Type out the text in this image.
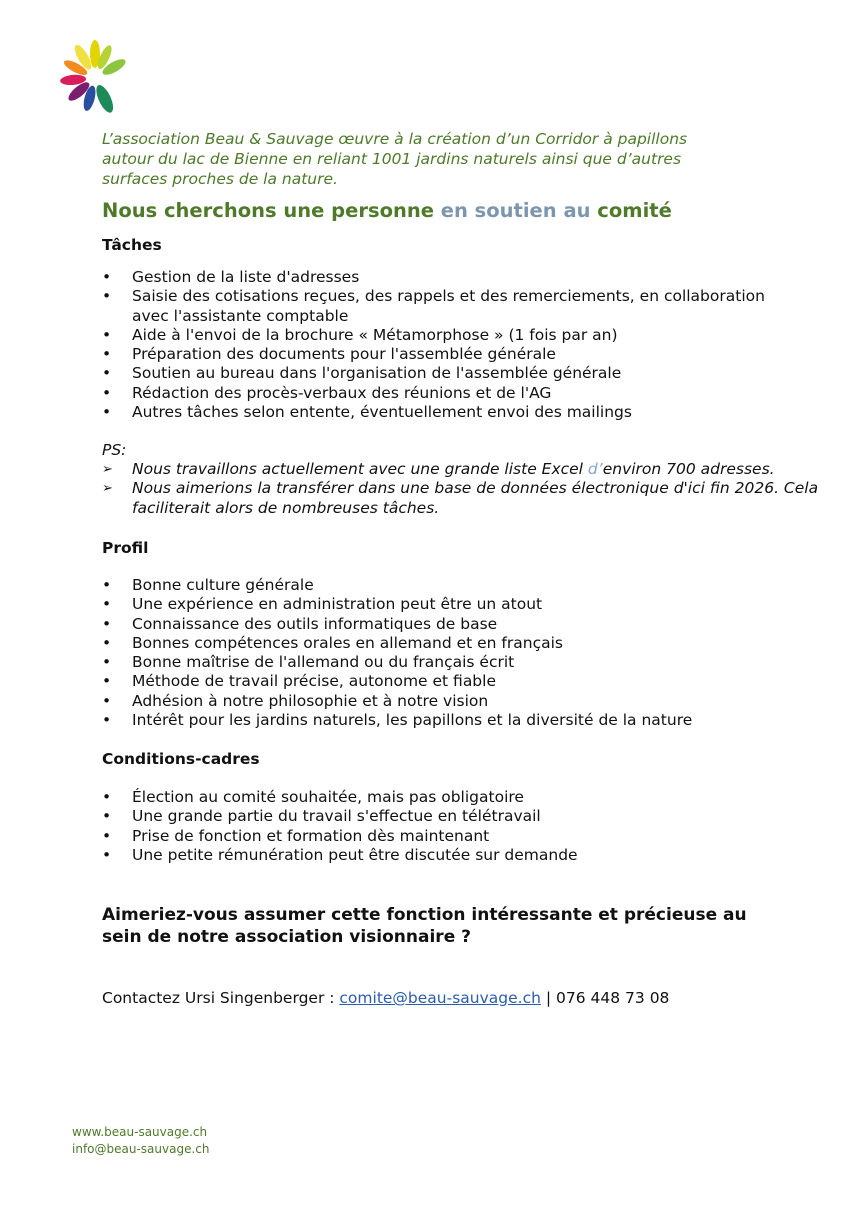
L’association Beau & Sauvage œuvre à la création d’un Corridor à papillons
autour du lac de Bienne en reliant 1001 jardins naturels ainsi que d’autres
surfaces proches de la nature.
Nous cherchons une personne en soutien au comité
Tâches
• Gestion de la liste d'adresses
• Saisie des cotisations reçues, des rappels et des remerciements, en collaboration avec l'assistante comptable
• Aide à l'envoi de la brochure « Métamorphose » (1 fois par an)
• Préparation des documents pour l'assemblée générale
• Soutien au bureau dans l'organisation de l'assemblée générale
• Rédaction des procès-verbaux des réunions et de l'AG
• Autres tâches selon entente, éventuellement envoi des mailings
PS:
➢ Nous travaillons actuellement avec une grande liste Excel d’environ 700 adresses.
➢ Nous aimerions la transférer dans une base de données électronique d'ici fin 2026. Cela faciliterait alors de nombreuses tâches.
Profil
• Bonne culture générale
• Une expérience en administration peut être un atout
• Connaissance des outils informatiques de base
• Bonnes compétences orales en allemand et en français
• Bonne maîtrise de l'allemand ou du français écrit
• Méthode de travail précise, autonome et fiable
• Adhésion à notre philosophie et à notre vision
• Intérêt pour les jardins naturels, les papillons et la diversité de la nature
Conditions-cadres
• Élection au comité souhaitée, mais pas obligatoire
• Une grande partie du travail s'effectue en télétravail
• Prise de fonction et formation dès maintenant
• Une petite rémunération peut être discutée sur demande
Aimeriez-vous assumer cette fonction intéressante et précieuse au
sein de notre association visionnaire ?
Contactez Ursi Singenberger : comite@beau-sauvage.ch | 076 448 73 08
www.beau-sauvage.ch
info@beau-sauvage.ch
